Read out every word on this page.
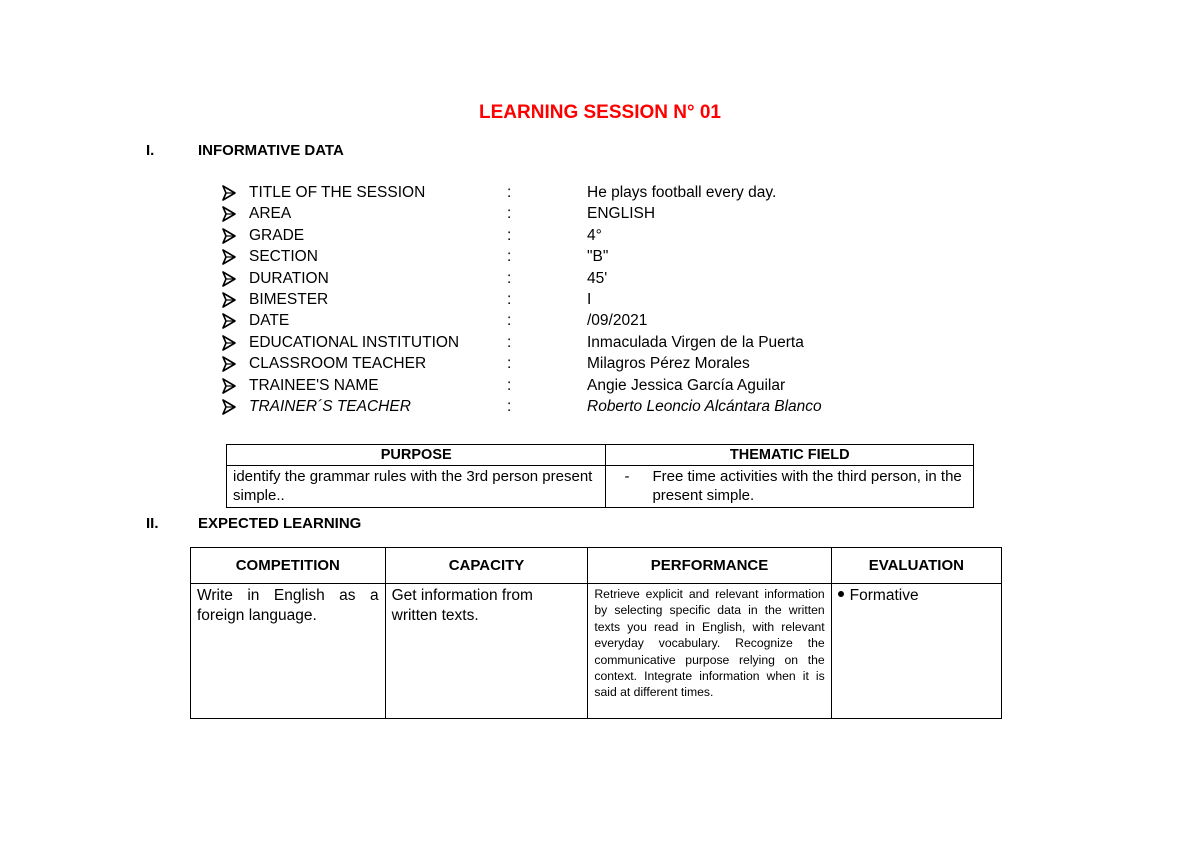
LEARNING SESSION N° 01
I.	INFORMATIVE DATA
TITLE OF THE SESSION	:	He plays football every day.
AREA	:	ENGLISH
GRADE	:	4°
SECTION	:	"B"
DURATION	:	45'
BIMESTER	:	I
DATE	:	/09/2021
EDUCATIONAL INSTITUTION	:	Inmaculada Virgen de la Puerta
CLASSROOM TEACHER	:	Milagros Pérez Morales
TRAINEE'S NAME	:	Angie Jessica García Aguilar
TRAINER´S TEACHER	:	Roberto Leoncio Alcántara Blanco
PURPOSE	THEMATIC FIELD
identify the grammar rules with the 3rd person present simple..	- Free time activities with the third person, in the present simple.
II.	EXPECTED LEARNING
COMPETITION	CAPACITY	PERFORMANCE	EVALUATION

Write in English as a foreign language.	Get information from written texts.	Retrieve explicit and relevant information by selecting specific data in the written texts you read in English, with relevant everyday vocabulary. Recognize the communicative purpose relying on the context. Integrate information when it is said at different times.	Formative
